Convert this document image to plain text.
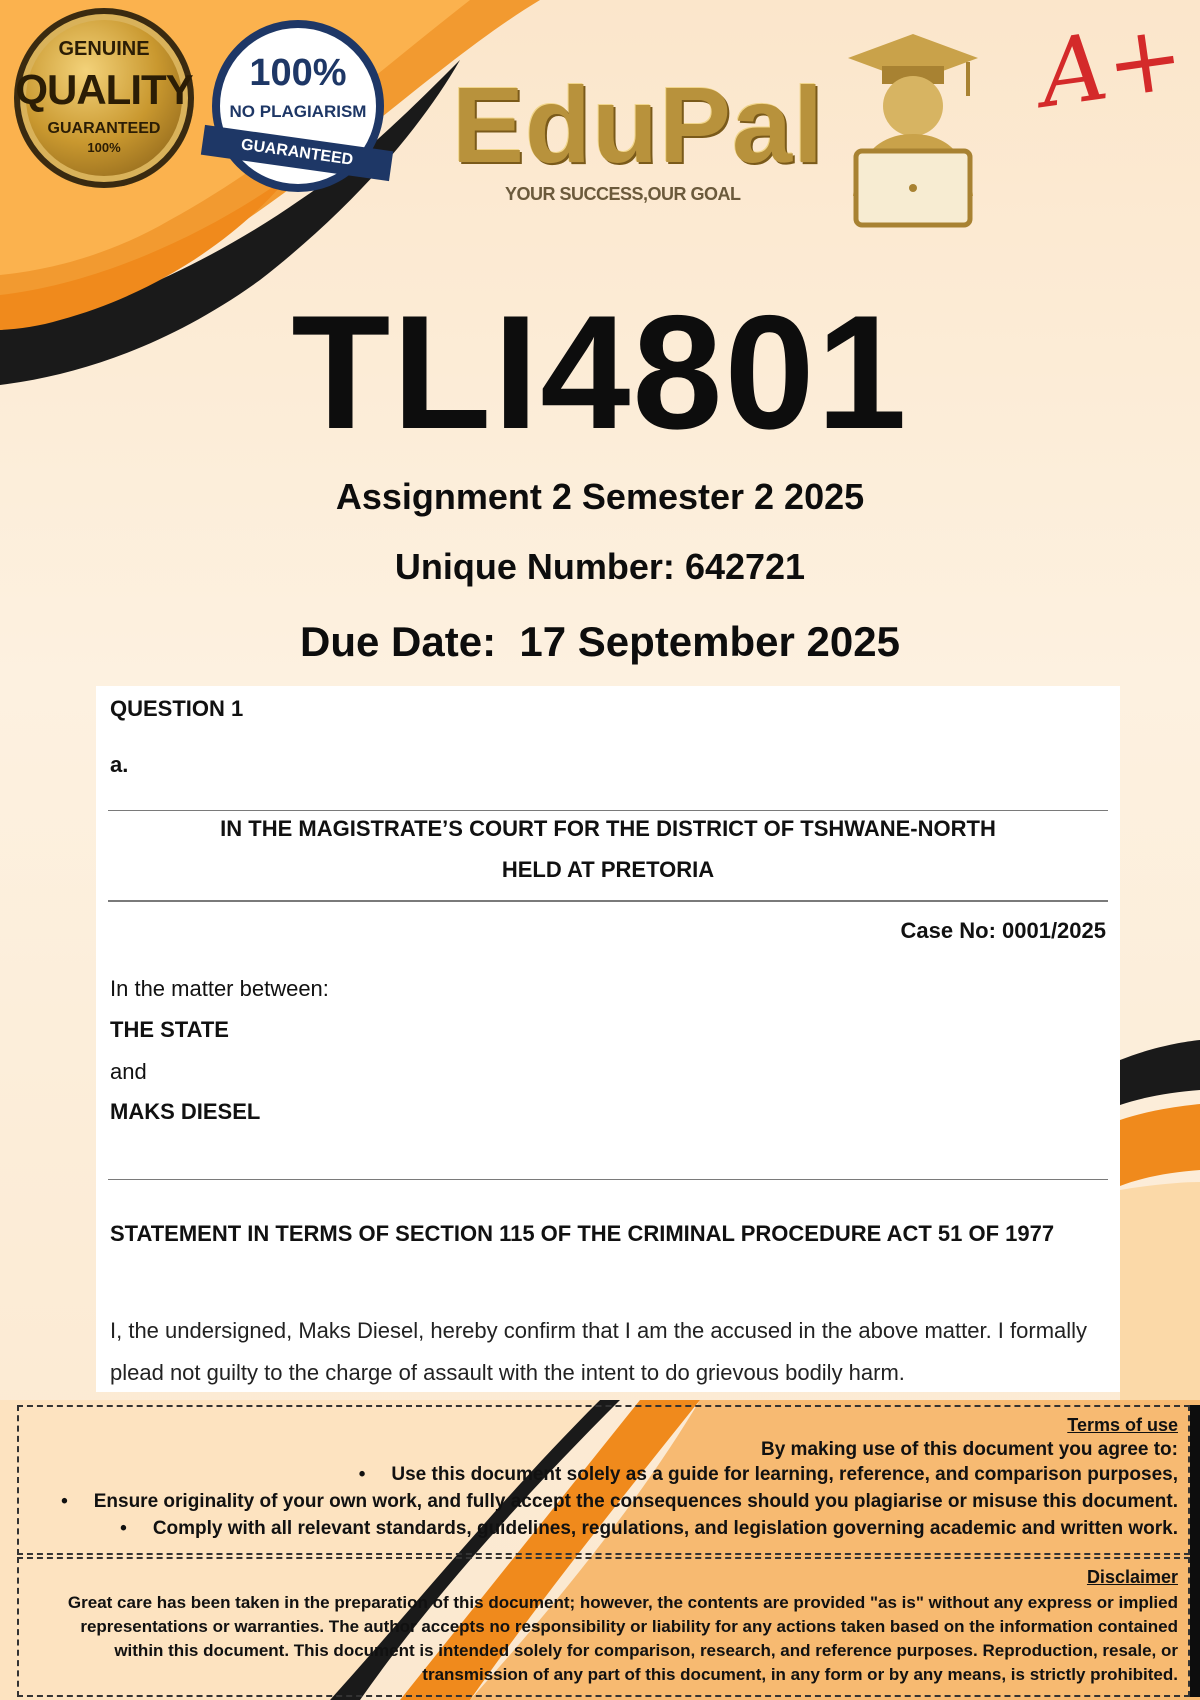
GENUINE
QUALITY
GUARANTEED
100%
100%
NO PLAGIARISM
GUARANTEED EduPal
YOUR SUCCESS,OUR GOAL
A+
TLI4801
Assignment 2 Semester 2 2025
Unique Number: 642721
Due Date: 17 September 2025
QUESTION 1
a.
IN THE MAGISTRATE’S COURT FOR THE DISTRICT OF TSHWANE-NORTH
HELD AT PRETORIA
Case No: 0001/2025
In the matter between:
THE STATE
and
MAKS DIESEL
STATEMENT IN TERMS OF SECTION 115 OF THE CRIMINAL PROCEDURE ACT 51 OF 1977
I, the undersigned, Maks Diesel, hereby confirm that I am the accused in the above matter. I formally plead not guilty to the charge of assault with the intent to do grievous bodily harm.
Terms of use
By making use of this document you agree to:
• Use this document solely as a guide for learning, reference, and comparison purposes,
• Ensure originality of your own work, and fully accept the consequences should you plagiarise or misuse this document.
• Comply with all relevant standards, guidelines, regulations, and legislation governing academic and written work.
Disclaimer
Great care has been taken in the preparation of this document; however, the contents are provided "as is" without any express or implied representations or warranties. The author accepts no responsibility or liability for any actions taken based on the information contained within this document. This document is intended solely for comparison, research, and reference purposes. Reproduction, resale, or transmission of any part of this document, in any form or by any means, is strictly prohibited.
